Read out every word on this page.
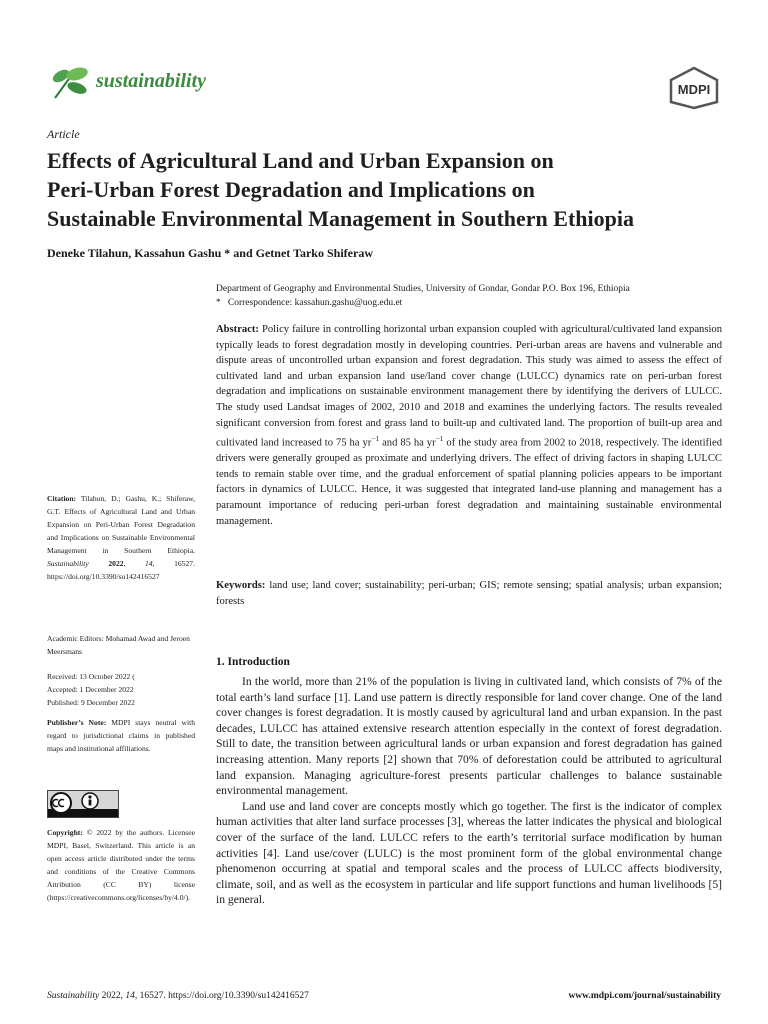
sustainability	MDPI
Article
Effects of Agricultural Land and Urban Expansion on
Peri-Urban Forest Degradation and Implications on
Sustainable Environmental Management in Southern Ethiopia
Deneke Tilahun, Kassahun Gashu * and Getnet Tarko Shiferaw
Department of Geography and Environmental Studies, University of Gondar, Gondar P.O. Box 196, Ethiopia
*   Correspondence: kassahun.gashu@uog.edu.et
Abstract: Policy failure in controlling horizontal urban expansion coupled with agricultural/cultivated land expansion typically leads to forest degradation mostly in developing countries. Peri-urban areas are havens and vulnerable and dispute areas of uncontrolled urban expansion and forest degradation. This study was aimed to assess the effect of cultivated land and urban expansion land use/land cover change (LULCC) dynamics rate on peri-urban forest degradation and implications on sustainable environment management there by identifying the derivers of LULCC. The study used Landsat images of 2002, 2010 and 2018 and examines the underlying factors. The results revealed significant conversion from forest and grass land to built-up and cultivated land. The proportion of built-up area and cultivated land increased to 75 ha $yr^{-1}$ and 85 ha $yr^{-1}$ of the study area from 2002 to 2018, respectively. The identified drivers were generally grouped as proximate and underlying drivers. The effect of driving factors in shaping LULCC tends to remain stable over time, and the gradual enforcement of spatial planning policies appears to be important factors in dynamics of LULCC. Hence, it was suggested that integrated land-use planning and management has a paramount importance of reducing peri-urban forest degradation and maintaining sustainable environmental management.
Keywords: land use; land cover; sustainability; peri-urban; GIS; remote sensing; spatial analysis; urban expansion; forests
1. Introduction

In the world, more than 21% of the population is living in cultivated land, which consists of 7% of the total earth’s land surface [1]. Land use pattern is directly responsible for land cover change. One of the land cover changes is forest degradation. It is mostly caused by agricultural land and urban expansion. In the past decades, LULCC has attained extensive research attention especially in the context of forest degradation. Still to date, the transition between agricultural lands or urban expansion and forest degradation has gained increasing attention. Many reports [2] shown that 70% of deforestation could be attributed to agricultural land expansion. Managing agriculture-forest presents particular challenges to balance sustainable environmental management.

Land use and land cover are concepts mostly which go together. The first is the indicator of complex human activities that alter land surface processes [3], whereas the latter indicates the physical and biological cover of the surface of the land. LULCC refers to the earth’s territorial surface modification by human activities [4]. Land use/cover (LULC) is the most prominent form of the global environmental change phenomenon occurring at spatial and temporal scales and the process of LULCC affects biodiversity, climate, soil, and as well as the ecosystem in particular and life support functions and human livelihoods [5] in general.

Citation: Tilahun, D.; Gashu, K.; Shiferaw, G.T. Effects of Agricultural Land and Urban Expansion on Peri-Urban Forest Degradation and Implications on Sustainable Environmental Management in Southern Ethiopia. Sustainability 2022, 14, 16527. https://doi.org/10.3390/su142416527
Academic Editors: Mohamad Awad and Jeroen Meersmans
Received: 13 October 2022 (
Accepted: 1 December 2022
Published: 9 December 2022
Publisher’s Note: MDPI stays neutral with regard to jurisdictional claims in published maps and institutional affiliations.
Copyright: © 2022 by the authors. Licensee MDPI, Basel, Switzerland. This article is an open access article distributed under the terms and conditions of the Creative Commons Attribution (CC BY) license (https://creativecommons.org/licenses/by/4.0/).
Sustainability 2022, 14, 16527. https://doi.org/10.3390/su142416527	www.mdpi.com/journal/sustainability
